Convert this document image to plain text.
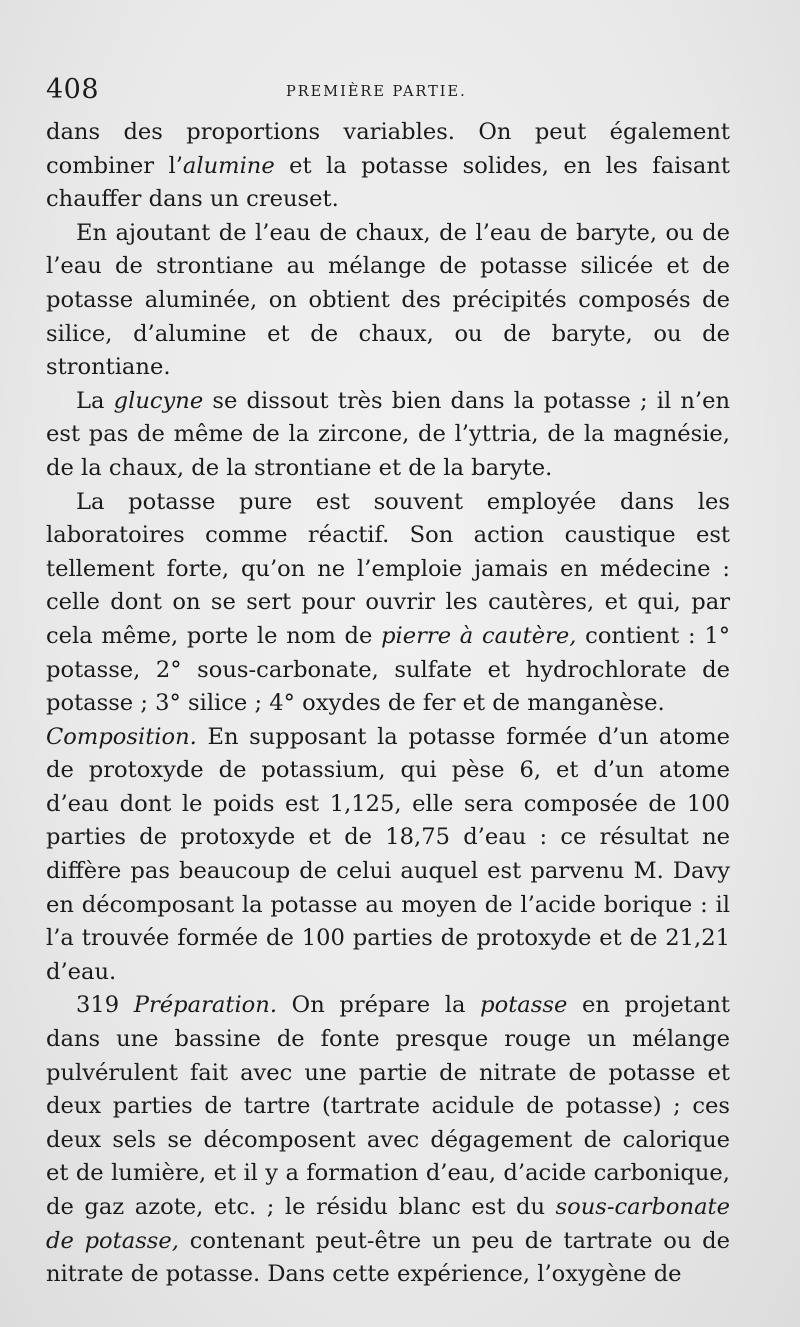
408	PREMIÈRE PARTIE.

dans des proportions variables. On peut également combiner l’alumine et la potasse solides, en les faisant chauffer dans un creuset.

En ajoutant de l’eau de chaux, de l’eau de baryte, ou de l’eau de strontiane au mélange de potasse silicée et de potasse aluminée, on obtient des précipités composés de silice, d’alumine et de chaux, ou de baryte, ou de strontiane.

La glucyne se dissout très bien dans la potasse ; il n’en est pas de même de la zircone, de l’yttria, de la magnésie, de la chaux, de la strontiane et de la baryte.

La potasse pure est souvent employée dans les laboratoires comme réactif. Son action caustique est tellement forte, qu’on ne l’emploie jamais en médecine : celle dont on se sert pour ouvrir les cautères, et qui, par cela même, porte le nom de pierre à cautère, contient : 1° potasse, 2° sous-carbonate, sulfate et hydrochlorate de potasse ; 3° silice ; 4° oxydes de fer et de manganèse.

Composition. En supposant la potasse formée d’un atome de protoxyde de potassium, qui pèse 6, et d’un atome d’eau dont le poids est 1,125, elle sera composée de 100 parties de protoxyde et de 18,75 d’eau : ce résultat ne diffère pas beaucoup de celui auquel est parvenu M. Davy en décomposant la potasse au moyen de l’acide borique : il l’a trouvée formée de 100 parties de protoxyde et de 21,21 d’eau.

319 Préparation. On prépare la potasse en projetant dans une bassine de fonte presque rouge un mélange pulvérulent fait avec une partie de nitrate de potasse et deux parties de tartre (tartrate acidule de potasse) ; ces deux sels se décomposent avec dégagement de calorique et de lumière, et il y a formation d’eau, d’acide carbonique, de gaz azote, etc. ; le résidu blanc est du sous-carbonate de potasse, contenant peut-être un peu de tartrate ou de nitrate de potasse. Dans cette expérience, l’oxygène de
